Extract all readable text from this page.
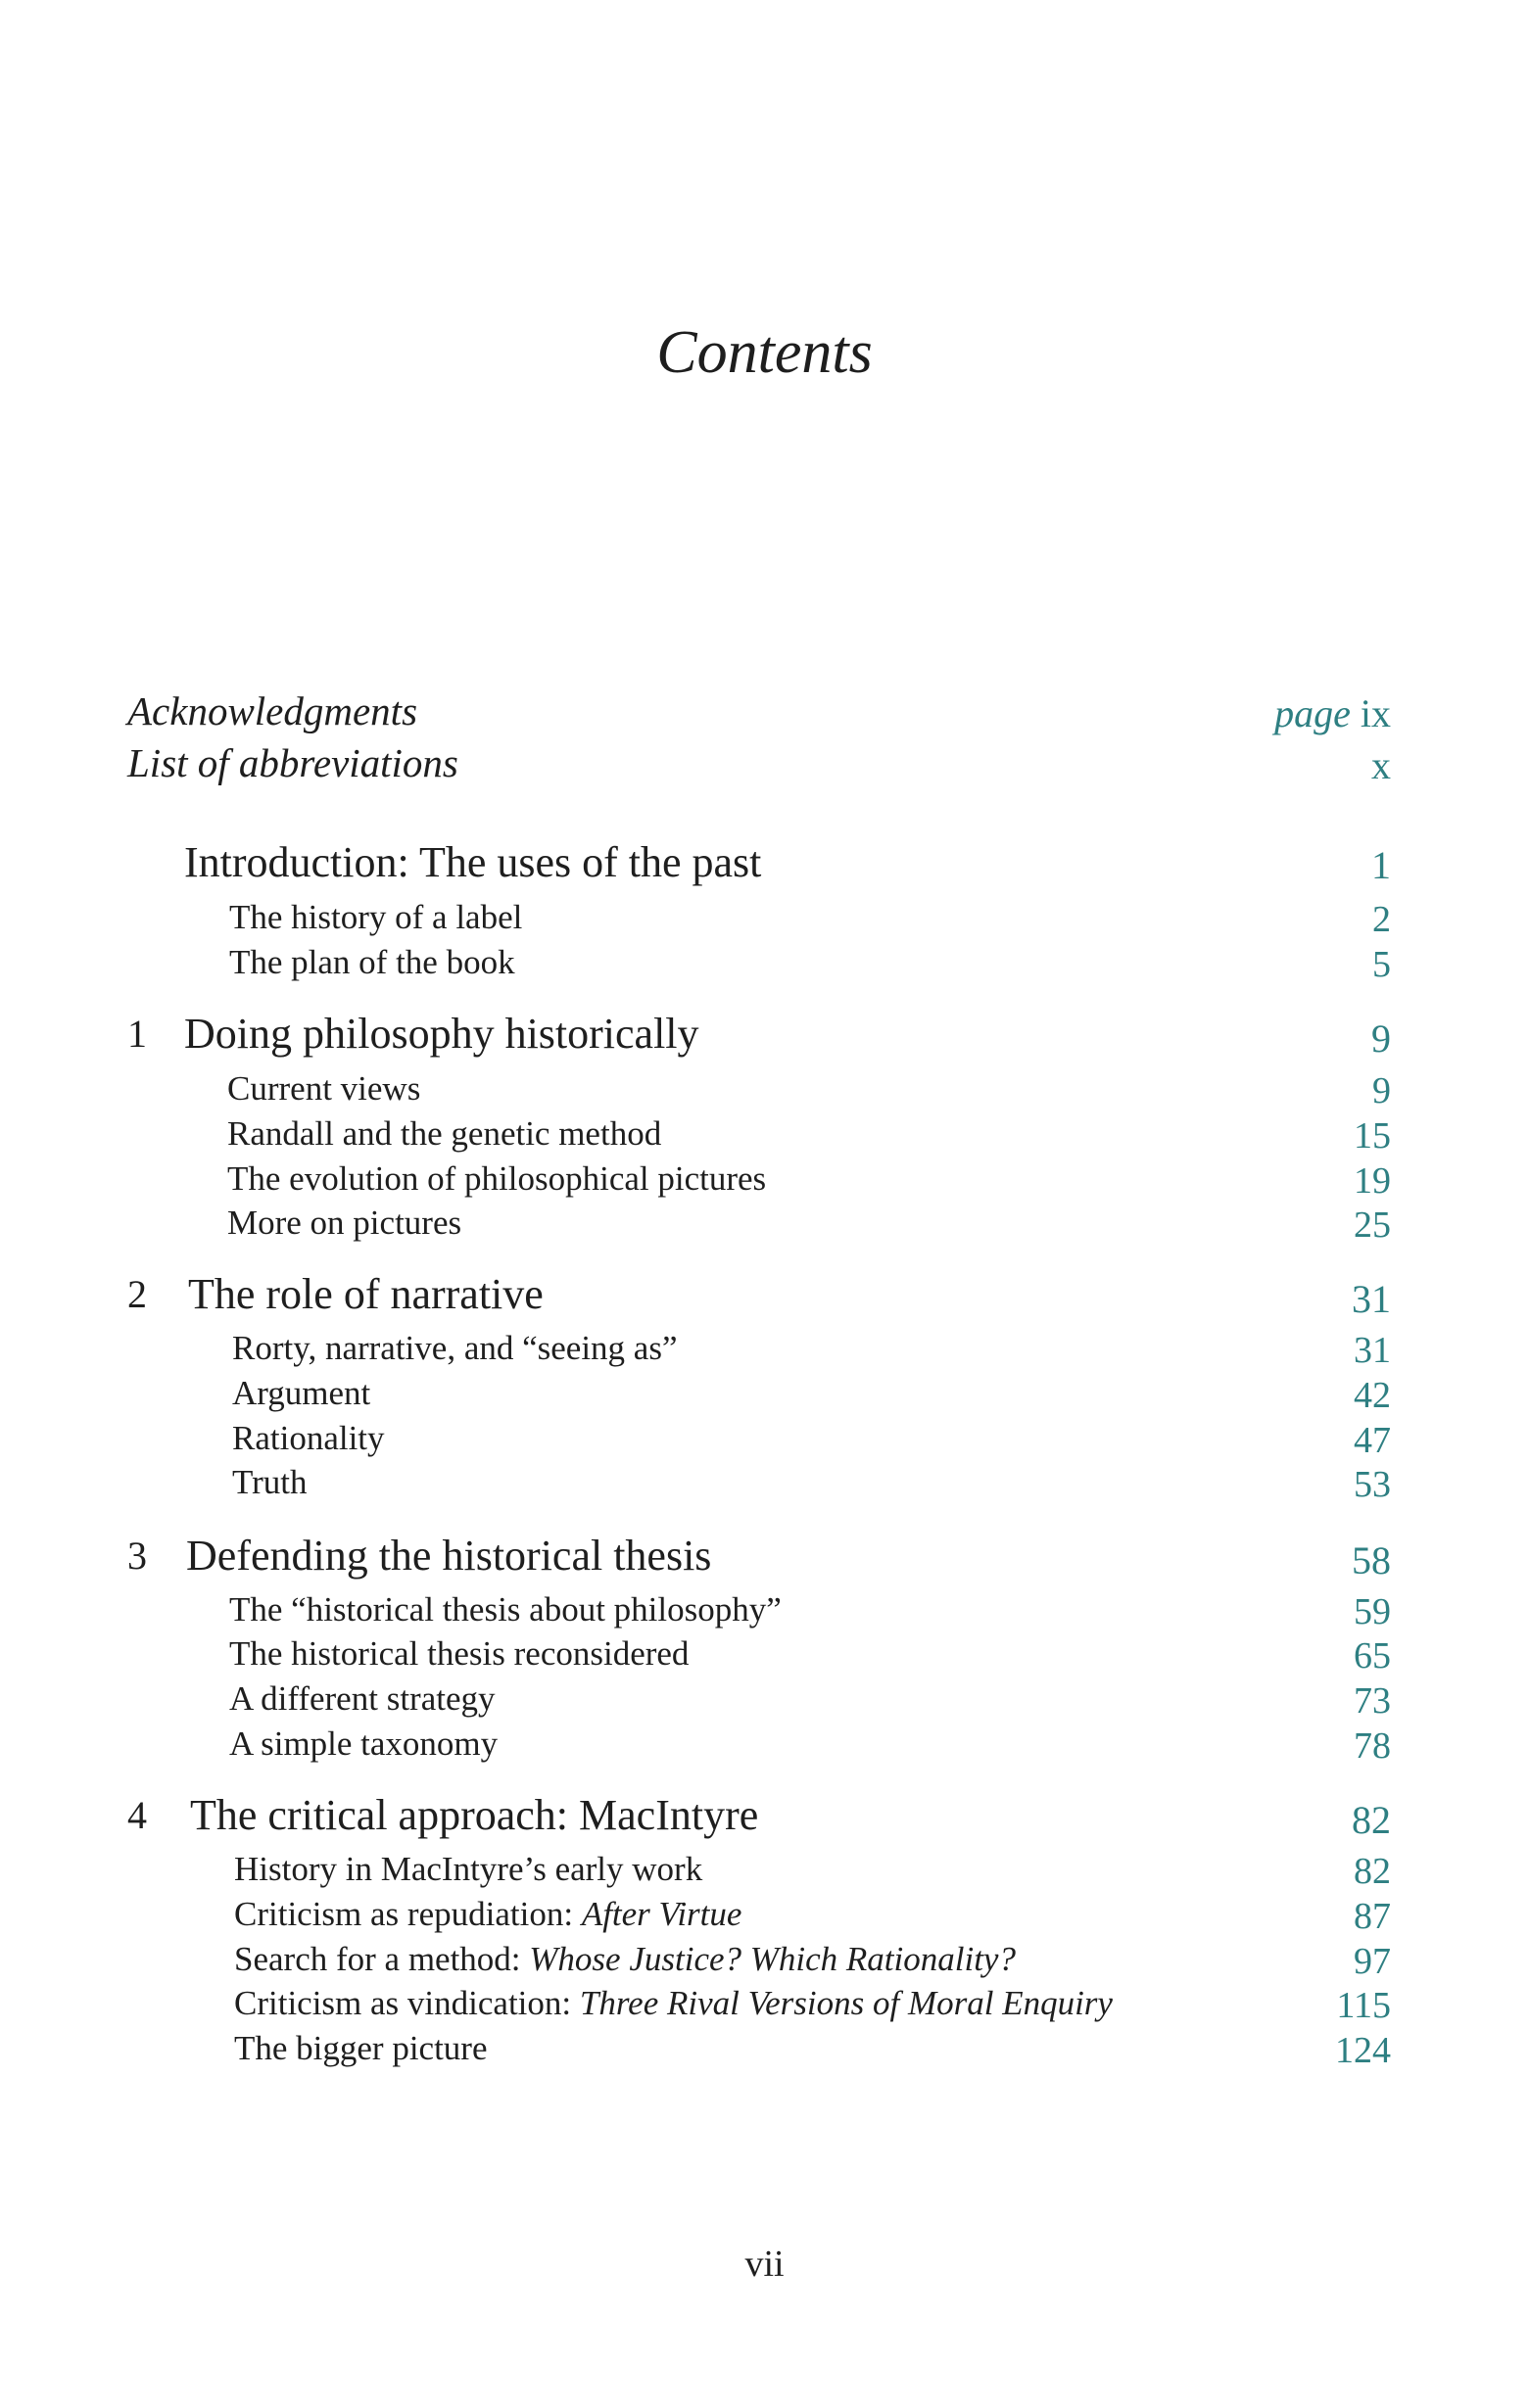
Contents
Acknowledgments	page ix
List of abbreviations	x
Introduction: The uses of the past	1
The history of a label	2
The plan of the book	5
1 Doing philosophy historically	9
Current views	9
Randall and the genetic method	15
The evolution of philosophical pictures	19
More on pictures	25
2 The role of narrative	31
Rorty, narrative, and “seeing as”	31
Argument	42
Rationality	47
Truth	53
3 Defending the historical thesis	58
The “historical thesis about philosophy”	59
The historical thesis reconsidered	65
A different strategy	73
A simple taxonomy	78
4 The critical approach: MacIntyre	82
History in MacIntyre’s early work	82
Criticism as repudiation: After Virtue	87
Search for a method: Whose Justice? Which Rationality?	97
Criticism as vindication: Three Rival Versions of Moral Enquiry	115
The bigger picture	124
vii
